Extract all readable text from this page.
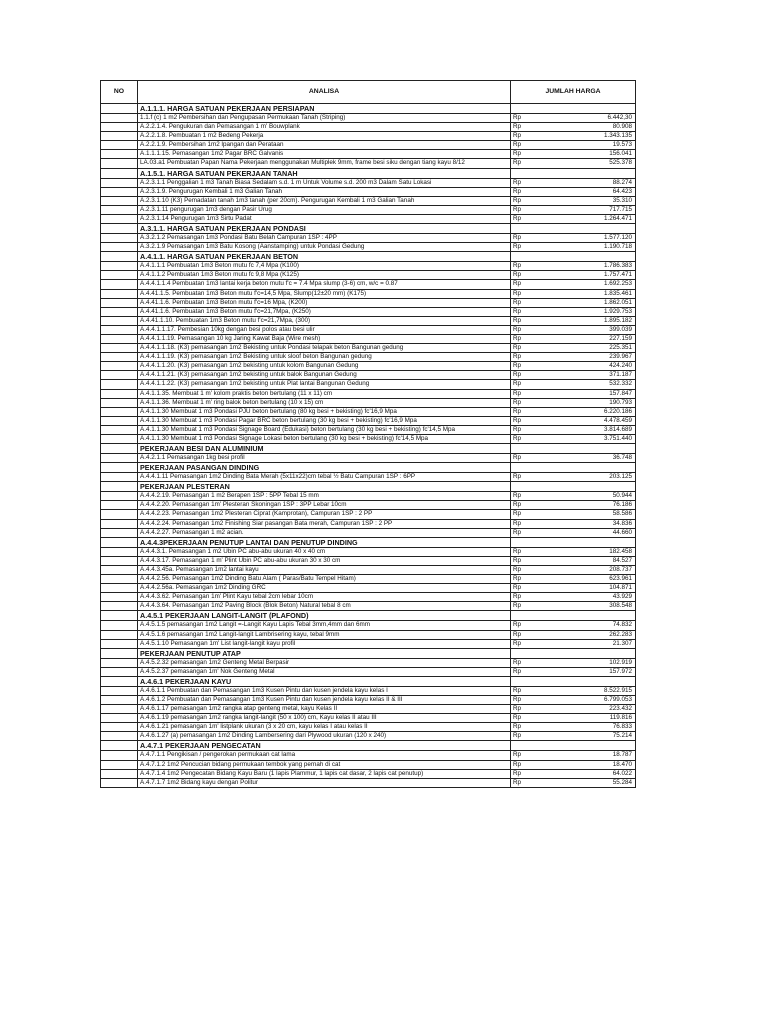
NO	ANALISA	JUMLAH HARGA	
	A.1.1.1. HARGA SATUAN PEKERJAAN PERSIAPAN		
	1.1.f (c) 1 m2 Pembersihan dan Pengupasan Permukaan Tanah (Striping)	Rp	6.442,30
	A.2.2.1.4. Pengukuran dan Pemasangan 1 m' Bouwplank	Rp	80.908
	A.2.2.1.8. Pembuatan 1 m2 Bedeng Pekerja	Rp	1.343.135
	A.2.2.1.9. Pembersihan 1m2 lpangan dan Perataan	Rp	19.573
	A.1.1.1.15. Pemasangan 1m2 Pagar BRC Galvanis	Rp	156.041
	LA.03.a1 Pembuatan Papan Nama Pekerjaan menggunakan Multiplek 9mm, frame besi siku dengan tiang kayu 8/12	Rp	525.378
	A.1.5.1. HARGA SATUAN PEKERJAAN TANAH		
	A.2.3.1.1 Penggalian 1 m3 Tanah Biasa Sedalam s.d. 1 m Untuk Volume s.d. 200 m3 Dalam Satu Lokasi	Rp	88.274
	A.2.3.1.9. Pengurugan Kembali 1 m3 Galian Tanah	Rp	64.423
	A.2.3.1.10 (K3) Pemadatan tanah 1m3 tanah (per 20cm). Pengurugan Kembali 1 m3 Galian Tanah	Rp	35.310
	A.2.3.1.11 pengurugan 1m3 dengan Pasir Urug	Rp	717.715
	A.2.3.1.14 Pengurugan 1m3 Sirtu Padat	Rp	1.264.471
	A.3.1.1. HARGA SATUAN PEKERJAAN PONDASI		
	A.3.2.1.2 Pemasangan 1m3 Pondasi Batu Belah Campuran 1SP : 4PP	Rp	1.577.120
	A.3.2.1.9 Pemasangan 1m3 Batu Kosong (Aanstamping) untuk Pondasi Gedung	Rp	1.190.718
	A.4.1.1. HARGA SATUAN PEKERJAAN BETON		
	A.4.1.1.1 Pembuatan 1m3 Beton mutu fc 7,4 Mpa (K100)	Rp	1.786.383
	A.4.1.1.2 Pembuatan 1m3 Beton mutu fc 9,8 Mpa (K125)	Rp	1.757.471
	A.4.4.1.1.4 Pembuatan 1m3 lantai kerja beton mutu f'c = 7.4 Mpa slump (3-6) cm, w/c = 0.87	Rp	1.692.253
	A.4.41.1.5. Pembuatan 1m3 Beton mutu f'c=14,5 Mpa, Slump(12±20 mm) (K175)	Rp	1.835.461
	A.4.41.1.6. Pembuatan 1m3 Beton mutu f'c=16 Mpa, (K200)	Rp	1.862.051
	A.4.41.1.6. Pembuatan 1m3 Beton mutu f'c=21,7Mpa, (K250)	Rp	1.929.753
	A.4.41.1.10. Pembuatan 1m3 Beton mutu f'c=21,7Mpa, (300)	Rp	1.895.182
	A.4.4.1.1.17. Pembesian 10kg dengan besi polos atau besi ulir	Rp	399.039
	A.4.4.1.1.19. Pemasangan 10 kg Jaring Kawat Baja (Wire mesh)	Rp	227.159
	A.4.4.1.1.18. (K3) pemasangan 1m2 Bekisting untuk Pondasi telapak beton Bangunan gedung	Rp	225.351
	A.4.4.1.1.19. (K3) pemasangan 1m2 Bekisting untuk sloof beton Bangunan gedung	Rp	239.967
	A.4.4.1.1.20. (K3) pemasangan 1m2 bekisting untuk kolom Bangunan Gedung	Rp	424.240
	A.4.4.1.1.21. (K3) pemasangan 1m2 bekisting untuk balok Bangunan Gedung	Rp	371.187
	A.4.4.1.1.22. (K3) pemasangan 1m2 bekisting untuk Plat lantai Bangunan Gedung	Rp	532.332
	A.4.1.1.35. Membuat 1 m' kolom praktis beton bertulang (11 x 11) cm	Rp	157.847
	A.4.1.1.36. Membuat 1 m' ring balok beton bertulang (10 x 15) cm	Rp	190.793
	A.4.1.1.30 Membuat 1 m3 Pondasi PJU beton bertulang (80 kg besi + bekisting) fc'16,9 Mpa	Rp	6.220.186
	A.4.1.1.30 Membuat 1 m3 Pondasi Pagar BRC beton bertulang (30 kg besi + bekisting) fc'16,9 Mpa	Rp	4.478.459
	A.4.1.1.30 Membuat 1 m3 Pondasi Signage Board (Edukasi) beton bertulang (30 kg besi + bekisting) fc'14,5 Mpa	Rp	3.814.689
	A.4.1.1.30 Membuat 1 m3 Pondasi Signage Lokasi beton bertulang (30 kg besi + bekisting) fc'14,5 Mpa	Rp	3.751.440
	PEKERJAAN BESI DAN ALUMINIUM		
	A.4.2.1.1 Pemasangan 1kg besi profil	Rp	36.748
	PEKERJAAN PASANGAN DINDING		
	A.4.4.1.11 Pemasangan 1m2 Dinding Bata Merah (5x11x22)cm tebal ½ Batu Campuran 1SP : 6PP	Rp	203.125
	PEKERJAAN PLESTERAN		
	A.4.4.2.19. Pemasangan 1 m2 Berapen 1SP : 5PP Tebal 15 mm	Rp	50.944
	A.4.4.2.20. Pemasangan 1m' Plesteran Skoningan 1SP : 3PP Lebar 10cm	Rp	76.186
	A.4.4.2.23. Pemasangan 1m2 Plesteran Ciprat (Kamprotan), Campuran 1SP : 2 PP	Rp	58.586
	A.4.4.2.24. Pemasangan 1m2 Finishing Siar pasangan Bata merah, Campuran 1SP : 2 PP	Rp	34.836
	A.4.4.2.27. Pemasangan 1 m2 acian.	Rp	44.660
	A.4.4.3PEKERJAAN PENUTUP LANTAI DAN PENUTUP DINDING		
	A.4.4.3.1. Pemasangan 1 m2 Ubin PC abu-abu ukuran 40 x 40 cm	Rp	182.458
	A.4.4.3.17. Pemasangan 1 m' Plint Ubin PC abu-abu ukuran 30 x 30 cm	Rp	84.527
	A.4.4.3.45a. Pemasangan 1m2 lantai kayu	Rp	208.737
	A.4.4.2.56. Pemasangan 1m2 Dinding Batu Alam ( Paras/Batu Tempel Hitam)	Rp	623.961
	A.4.4.2.56a. Pemasangan 1m2 Dinding GRC	Rp	104.871
	A.4.4.3.62. Pemasangan 1m' Plint Kayu tebal 2cm lebar 10cm	Rp	43.929
	A.4.4.3.64. Pemasangan 1m2 Paving Block (Blok Beton) Natural tebal 8 cm	Rp	308.548
	A.4.5.1 PEKERJAAN LANGIT-LANGIT (PLAFOND)		
	A.4.5.1.5 pemasangan 1m2 Langit =-Langit Kayu Lapis Tebal 3mm,4mm dan 6mm	Rp	74.832
	A.4.5.1.6 pemasangan 1m2 Langit-langit Lambrisering kayu, tebal 9mm	Rp	262.283
	A.4.5.1.10 Pemasangan 1m' List langit-langit kayu profil	Rp	21.307
	PEKERJAAN PENUTUP ATAP		
	A.4.5.2.32 pemasangan 1m2 Genteng Metal Berpasir	Rp	102.919
	A.4.5.2.37 pemasangan 1m' Nok Genteng Metal	Rp	157.972
	A.4.6.1 PEKERJAAN KAYU		
	A.4.6.1.1 Pembuatan dan Pemasangan 1m3 Kusen Pintu dan kusen jendela kayu kelas I	Rp	8.522.915
	A.4.6.1.2 Pembuatan dan Pemasangan 1m3 Kusen Pintu dan kusen jendela kayu kelas II & III	Rp	6.799.053
	A.4.6.1.17 pemasangan 1m2 rangka atap genteng metal, kayu Kelas II	Rp	223.432
	A.4.6.1.19 pemasangan 1m2 rangka langit-langit (50 x 100) cm, Kayu kelas II atau III	Rp	119.816
	A.4.6.1.21 pemasangan 1m' listplank ukuran (3 x 20 cm, kayu kelas I atau kelas II	Rp	76.833
	A.4.6.1.27 (a) pemasangan 1m2 Dinding Lambersering dari Plywood ukuran (120 x 240)	Rp	75.214
	A.4.7.1 PEKERJAAN PENGECATAN		
	A.4.7.1.1 Pengikisan / pengerokan permukaan cat lama	Rp	18.787
	A.4.7.1.2 1m2 Pencucian bidang permukaan tembok yang pernah di cat	Rp	18.470
	A.4.7.1.4 1m2 Pengecatan Bidang Kayu Baru (1 lapis Plammur, 1 lapis cat dasar, 2 lapis cat penutup)	Rp	64.022
	A.4.7.1.7 1m2 Bidang kayu dengan Politur	Rp	55.284
